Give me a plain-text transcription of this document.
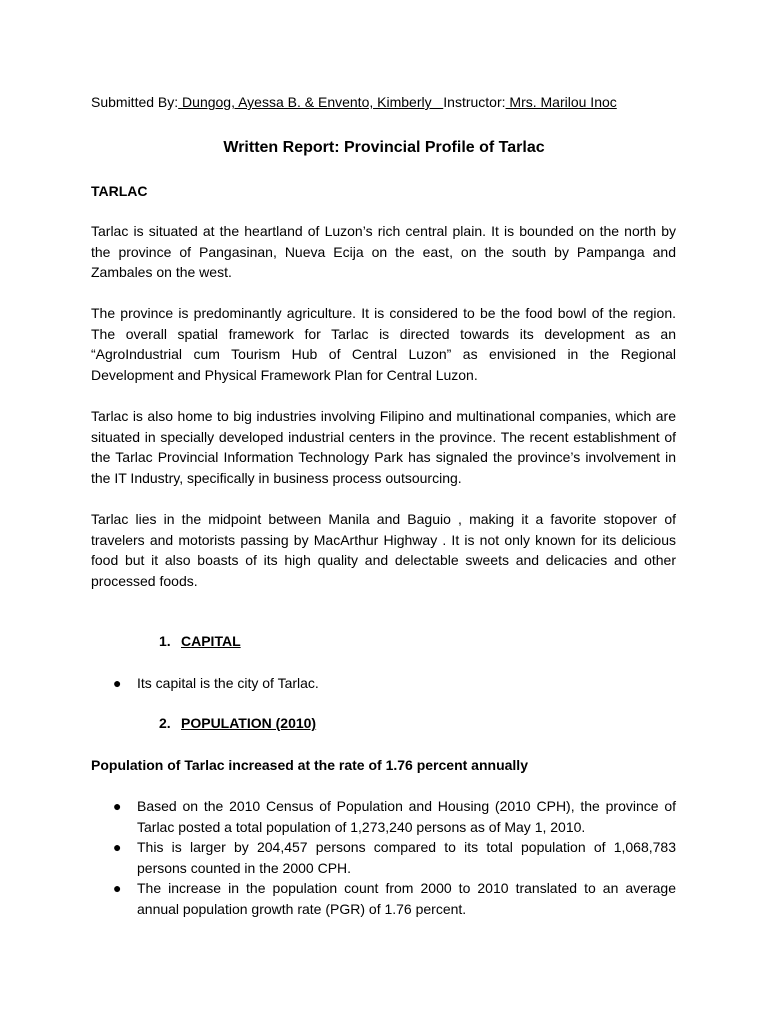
Submitted By: Dungog, Ayessa B. & Envento, Kimberly   Instructor: Mrs. Marilou Inoc
Written Report: Provincial Profile of Tarlac
TARLAC
Tarlac is situated at the heartland of Luzon’s rich central plain. It is bounded on the north by the province of Pangasinan, Nueva Ecija on the east, on the south by Pampanga and Zambales on the west.
The province is predominantly agriculture. It is considered to be the food bowl of the region. The overall spatial framework for Tarlac is directed towards its development as an “AgroIndustrial cum Tourism Hub of Central Luzon” as envisioned in the Regional Development and Physical Framework Plan for Central Luzon.
Tarlac is also home to big industries involving Filipino and multinational companies, which are situated in specially developed industrial centers in the province. The recent establishment of the Tarlac Provincial Information Technology Park has signaled the province’s involvement in the IT Industry, specifically in business process outsourcing.
Tarlac lies in the midpoint between Manila and Baguio , making it a favorite stopover of travelers and motorists passing by MacArthur Highway . It is not only known for its delicious food but it also boasts of its high quality and delectable sweets and delicacies and other processed foods.
1. CAPITAL
●	Its capital is the city of Tarlac.
2. POPULATION (2010)
Population of Tarlac increased at the rate of 1.76 percent annually
●	Based on the 2010 Census of Population and Housing (2010 CPH), the province of Tarlac posted a total population of 1,273,240 persons as of May 1, 2010.
●	This is larger by 204,457 persons compared to its total population of 1,068,783 persons counted in the 2000 CPH.
●	The increase in the population count from 2000 to 2010 translated to an average annual population growth rate (PGR) of 1.76 percent.
